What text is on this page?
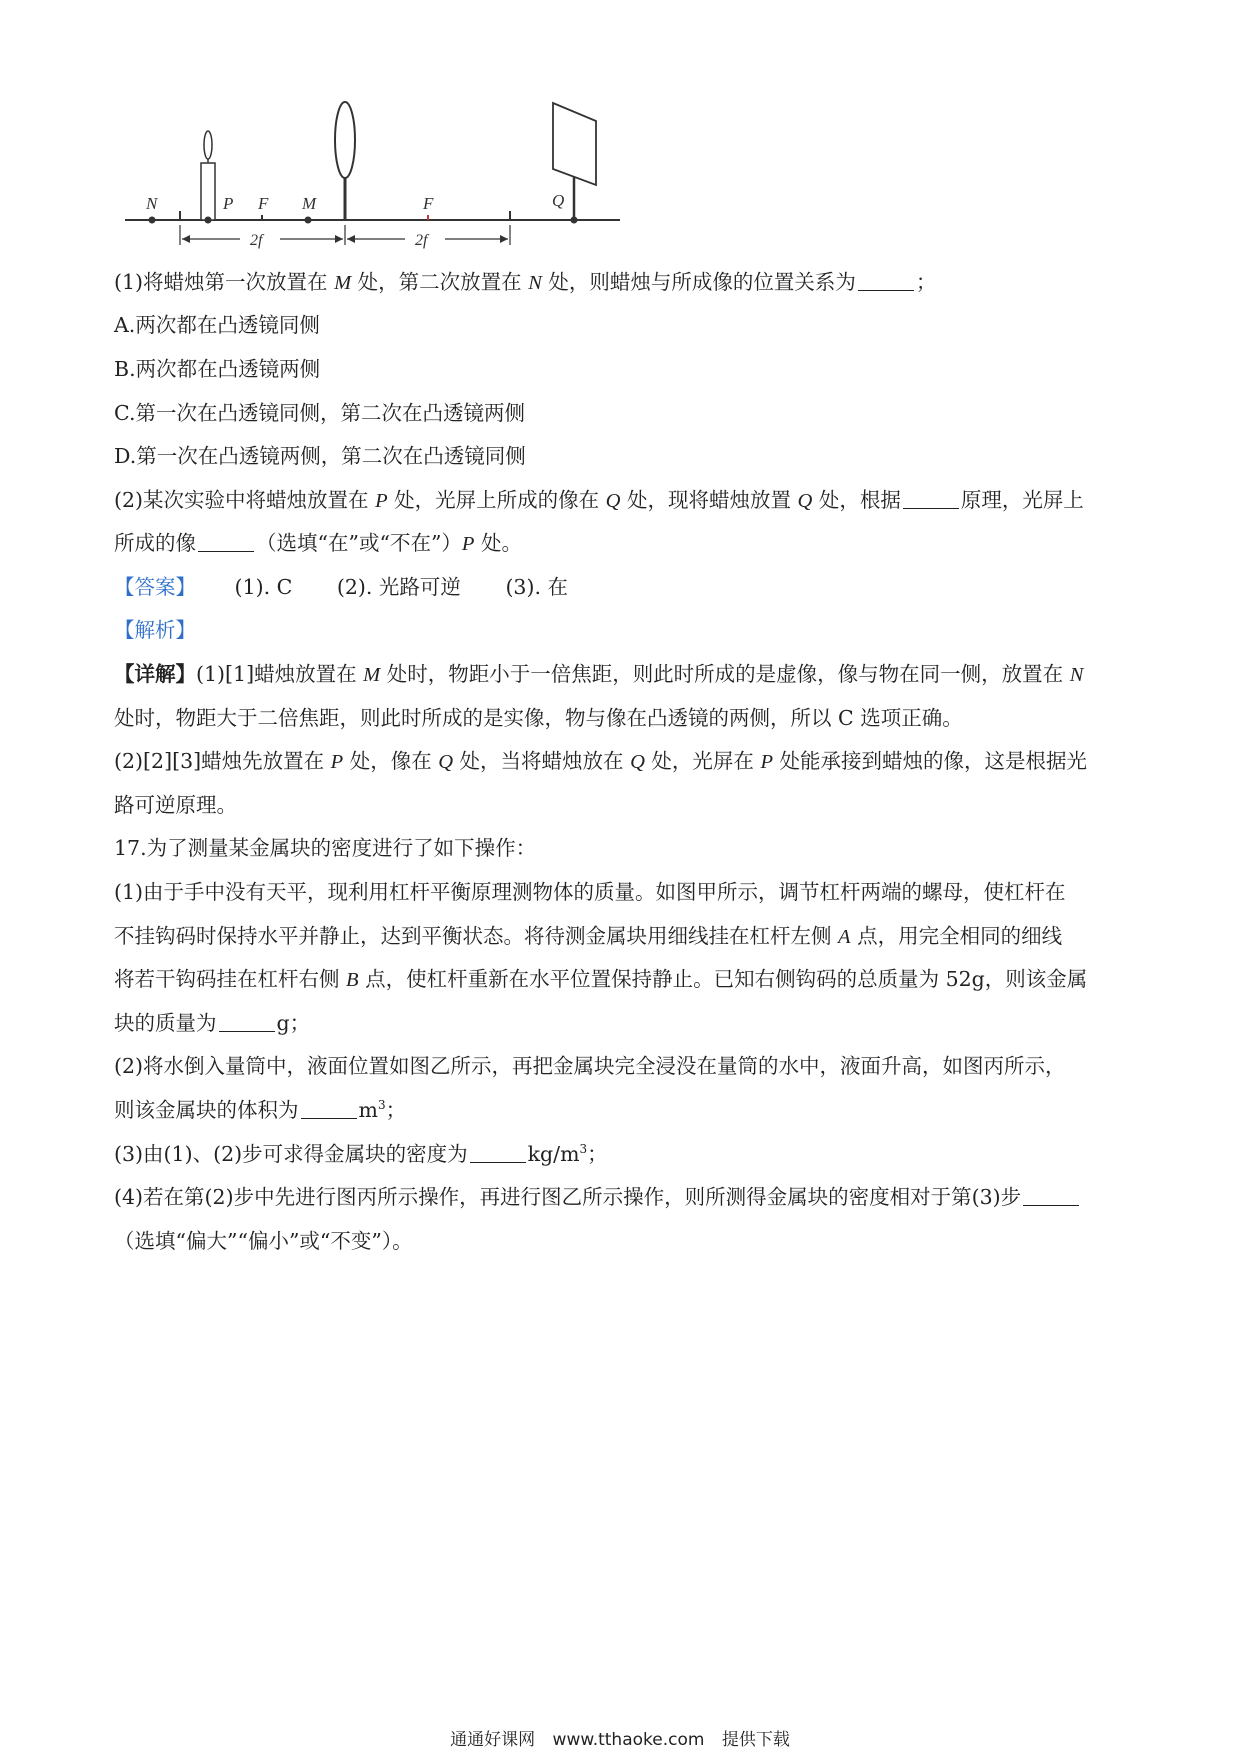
N	P F M	F	Q
2f	2f
(1)将蜡烛第一次放置在 M 处，第二次放置在 N 处，则蜡烛与所成像的位置关系为	；
A.两次都在凸透镜同侧
B.两次都在凸透镜两侧
C.第一次在凸透镜同侧，第二次在凸透镜两侧
D.第一次在凸透镜两侧，第二次在凸透镜同侧
(2)某次实验中将蜡烛放置在 P 处，光屏上所成的像在 Q 处，现将蜡烛放置 Q 处，根据	原理，光屏上
所成的像	（选填“在”或“不在”）P 处。
【答案】 (1). C (2). 光路可逆 (3). 在
【解析】
【详解】(1)[1]蜡烛放置在 M 处时，物距小于一倍焦距，则此时所成的是虚像，像与物在同一侧，放置在 N
处时，物距大于二倍焦距，则此时所成的是实像，物与像在凸透镜的两侧，所以 C 选项正确。
(2)[2][3]蜡烛先放置在 P 处，像在 Q 处，当将蜡烛放在 Q 处，光屏在 P 处能承接到蜡烛的像，这是根据光
路可逆原理。
17.为了测量某金属块的密度进行了如下操作：
(1)由于手中没有天平，现利用杠杆平衡原理测物体的质量。如图甲所示，调节杠杆两端的螺母，使杠杆在
不挂钩码时保持水平并静止，达到平衡状态。将待测金属块用细线挂在杠杆左侧 A 点，用完全相同的细线
将若干钩码挂在杠杆右侧 B 点，使杠杆重新在水平位置保持静止。已知右侧钩码的总质量为 52g，则该金属
块的质量为	g；
(2)将水倒入量筒中，液面位置如图乙所示，再把金属块完全浸没在量筒的水中，液面升高，如图丙所示，
则该金属块的体积为	$m^3$；
(3)由(1)、(2)步可求得金属块的密度为	$kg/m^3$；
(4)若在第(2)步中先进行图丙所示操作，再进行图乙所示操作，则所测得金属块的密度相对于第(3)步
（选填“偏大”“偏小”或“不变”）。
通通好课网 www.tthaoke.com 提供下载
